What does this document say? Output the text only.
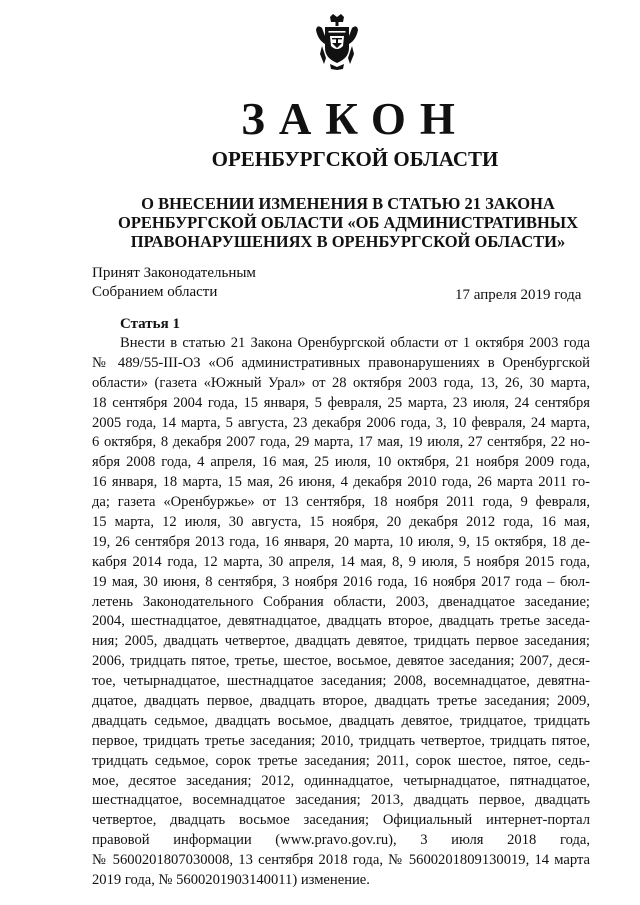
ЗАКОН
ОРЕНБУРГСКОЙ ОБЛАСТИ
О ВНЕСЕНИИ ИЗМЕНЕНИЯ В СТАТЬЮ 21 ЗАКОНА
ОРЕНБУРГСКОЙ ОБЛАСТИ «ОБ АДМИНИСТРАТИВНЫХ
ПРАВОНАРУШЕНИЯХ В ОРЕНБУРГСКОЙ ОБЛАСТИ»
Принят Законодательным
Собранием области	17 апреля 2019 года
Статья 1
Внести в статью 21 Закона Оренбургской области от 1 октября 2003 года
№ 489/55-III-ОЗ «Об административных правонарушениях в Оренбургской
области» (газета «Южный Урал» от 28 октября 2003 года, 13, 26, 30 марта,
18 сентября 2004 года, 15 января, 5 февраля, 25 марта, 23 июля, 24 сентября
2005 года, 14 марта, 5 августа, 23 декабря 2006 года, 3, 10 февраля, 24 марта,
6 октября, 8 декабря 2007 года, 29 марта, 17 мая, 19 июля, 27 сентября, 22 но-
ября 2008 года, 4 апреля, 16 мая, 25 июля, 10 октября, 21 ноября 2009 года,
16 января, 18 марта, 15 мая, 26 июня, 4 декабря 2010 года, 26 марта 2011 го-
да; газета «Оренбуржье» от 13 сентября, 18 ноября 2011 года, 9 февраля,
15 марта, 12 июля, 30 августа, 15 ноября, 20 декабря 2012 года, 16 мая,
19, 26 сентября 2013 года, 16 января, 20 марта, 10 июля, 9, 15 октября, 18 де-
кабря 2014 года, 12 марта, 30 апреля, 14 мая, 8, 9 июля, 5 ноября 2015 года,
19 мая, 30 июня, 8 сентября, 3 ноября 2016 года, 16 ноября 2017 года – бюл-
летень Законодательного Собрания области, 2003, двенадцатое заседание;
2004, шестнадцатое, девятнадцатое, двадцать второе, двадцать третье заседа-
ния; 2005, двадцать четвертое, двадцать девятое, тридцать первое заседания;
2006, тридцать пятое, третье, шестое, восьмое, девятое заседания; 2007, деся-
тое, четырнадцатое, шестнадцатое заседания; 2008, восемнадцатое, девятна-
дцатое, двадцать первое, двадцать второе, двадцать третье заседания; 2009,
двадцать седьмое, двадцать восьмое, двадцать девятое, тридцатое, тридцать
первое, тридцать третье заседания; 2010, тридцать четвертое, тридцать пятое,
тридцать седьмое, сорок третье заседания; 2011, сорок шестое, пятое, седь-
мое, десятое заседания; 2012, одиннадцатое, четырнадцатое, пятнадцатое,
шестнадцатое, восемнадцатое заседания; 2013, двадцать первое, двадцать
четвертое, двадцать восьмое заседания; Официальный интернет-портал
правовой информации (www.pravo.gov.ru), 3 июля 2018 года,
№ 5600201807030008, 13 сентября 2018 года, № 5600201809130019, 14 марта
2019 года, № 5600201903140011) изменение.
